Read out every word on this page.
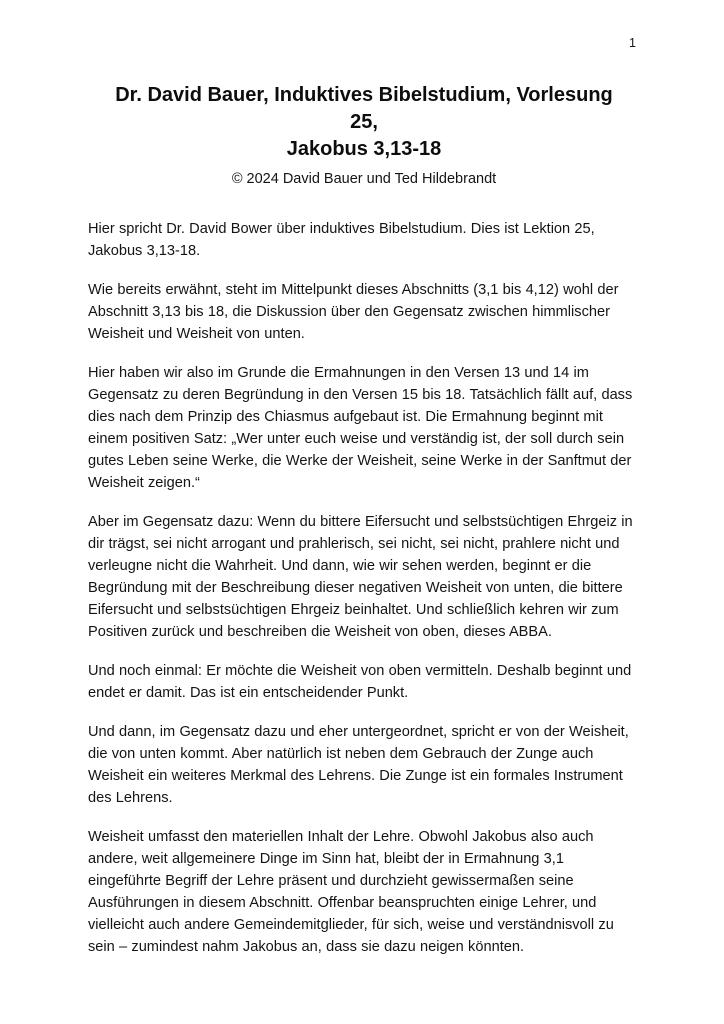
1
Dr. David Bauer, Induktives Bibelstudium, Vorlesung
25,
Jakobus 3,13-18
© 2024 David Bauer und Ted Hildebrandt

Hier spricht Dr. David Bower über induktives Bibelstudium. Dies ist Lektion 25, Jakobus 3,13-18.

Wie bereits erwähnt, steht im Mittelpunkt dieses Abschnitts (3,1 bis 4,12) wohl der Abschnitt 3,13 bis 18, die Diskussion über den Gegensatz zwischen himmlischer Weisheit und Weisheit von unten.

Hier haben wir also im Grunde die Ermahnungen in den Versen 13 und 14 im Gegensatz zu deren Begründung in den Versen 15 bis 18. Tatsächlich fällt auf, dass dies nach dem Prinzip des Chiasmus aufgebaut ist. Die Ermahnung beginnt mit einem positiven Satz: „Wer unter euch weise und verständig ist, der soll durch sein gutes Leben seine Werke, die Werke der Weisheit, seine Werke in der Sanftmut der Weisheit zeigen.“

Aber im Gegensatz dazu: Wenn du bittere Eifersucht und selbstsüchtigen Ehrgeiz in dir trägst, sei nicht arrogant und prahlerisch, sei nicht, sei nicht, prahlere nicht und verleugne nicht die Wahrheit. Und dann, wie wir sehen werden, beginnt er die Begründung mit der Beschreibung dieser negativen Weisheit von unten, die bittere Eifersucht und selbstsüchtigen Ehrgeiz beinhaltet. Und schließlich kehren wir zum Positiven zurück und beschreiben die Weisheit von oben, dieses ABBA.

Und noch einmal: Er möchte die Weisheit von oben vermitteln. Deshalb beginnt und endet er damit. Das ist ein entscheidender Punkt.

Und dann, im Gegensatz dazu und eher untergeordnet, spricht er von der Weisheit, die von unten kommt. Aber natürlich ist neben dem Gebrauch der Zunge auch Weisheit ein weiteres Merkmal des Lehrens. Die Zunge ist ein formales Instrument des Lehrens.

Weisheit umfasst den materiellen Inhalt der Lehre. Obwohl Jakobus also auch andere, weit allgemeinere Dinge im Sinn hat, bleibt der in Ermahnung 3,1 eingeführte Begriff der Lehre präsent und durchzieht gewissermaßen seine Ausführungen in diesem Abschnitt. Offenbar beanspruchten einige Lehrer, und vielleicht auch andere Gemeindemitglieder, für sich, weise und verständnisvoll zu sein – zumindest nahm Jakobus an, dass sie dazu neigen könnten.
